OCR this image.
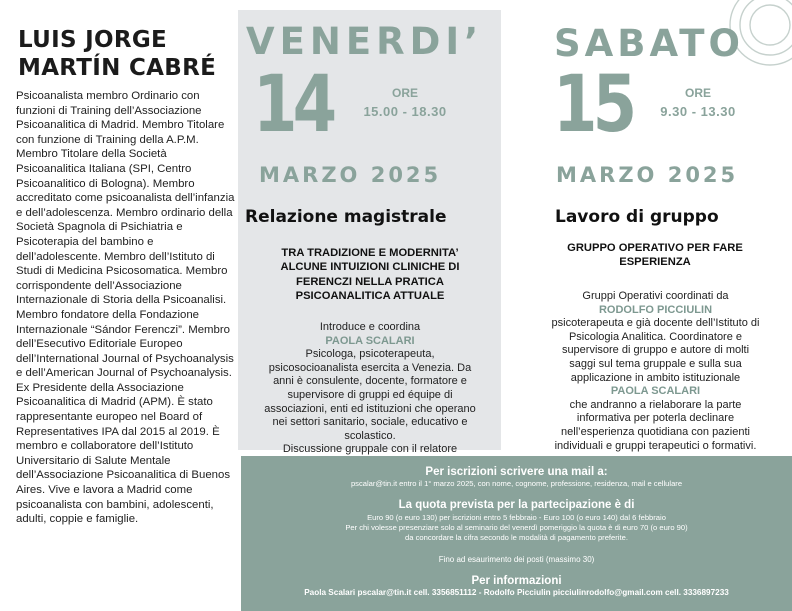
LUIS JORGE
MARTÍN CABRÉ

Psicoanalista membro Ordinario con funzioni di Training dell’Associazione Psicoanalitica di Madrid. Membro Titolare con funzione di Training della A.P.M. Membro Titolare della Società Psicoanalitica Italiana (SPI, Centro Psicoanalitico di Bologna). Membro accreditato come psicoanalista dell’infanzia e dell’adolescenza. Membro ordinario della Società Spagnola di Psichiatria e Psicoterapia del bambino e dell’adolescente. Membro dell’Istituto di Studi di Medicina Psicosomatica. Membro corrispondente dell’Associazione Internazionale di Storia della Psicoanalisi. Membro fondatore della Fondazione Internazionale “Sándor Ferenczi”. Membro dell’Esecutivo Editoriale Europeo dell’International Journal of Psychoanalysis e dell’American Journal of Psychoanalysis.

Ex Presidente della Associazione Psicoanalitica di Madrid (APM). È stato rappresentante europeo nel Board of Representatives IPA dal 2015 al 2019. È membro e collaboratore dell’Istituto Universitario di Salute Mentale dell’Associazione Psicoanalitica di Buenos Aires. Vive e lavora a Madrid come psicoanalista con bambini, adolescenti, adulti, coppie e famiglie.

VENERDI’
14	ORE
15.00 - 18.30
MARZO 2025
Relazione magistrale
TRA TRADIZIONE E MODERNITA’
ALCUNE INTUIZIONI CLINICHE DI
FERENCZI NELLA PRATICA
PSICOANALITICA ATTUALE
Introduce e coordina
PAOLA SCALARI
Psicologa, psicoterapeuta,
psicosocioanalista esercita a Venezia. Da
anni è consulente, docente, formatore e
supervisore di gruppi ed équipe di
associazioni, enti ed istituzioni che operano
nei settori sanitario, sociale, educativo e
scolastico.
Discussione gruppale con il relatore
SABATO
15	ORE
9.30 - 13.30
MARZO 2025
Lavoro di gruppo
GRUPPO OPERATIVO PER FARE
ESPERIENZA
Gruppi Operativi coordinati da
RODOLFO PICCIULIN
psicoterapeuta e già docente dell’Istituto di
Psicologia Analitica. Coordinatore e
supervisore di gruppo e autore di molti
saggi sul tema gruppale e sulla sua
applicazione in ambito istituzionale
PAOLA SCALARI
che andranno a rielaborare la parte
informativa per poterla declinare
nell’esperienza quotidiana con pazienti
individuali e gruppi terapeutici o formativi.
Per iscrizioni scrivere una mail a:
pscalar@tin.it entro il 1° marzo 2025, con nome, cognome, professione, residenza, mail e cellulare
La quota prevista per la partecipazione è di
Euro 90 (o euro 130) per iscrizioni entro 5 febbraio - Euro 100 (o euro 140) dal 6 febbraio
Per chi volesse presenziare solo al seminario del venerdì pomeriggio la quota è di euro 70 (o euro 90)
da concordare la cifra secondo le modalità di pagamento preferite.
Fino ad esaurimento dei posti (massimo 30)
Per informazioni
Paola Scalari pscalar@tin.it cell. 3356851112 - Rodolfo Picciulin picciulinrodolfo@gmail.com cell. 3336897233
